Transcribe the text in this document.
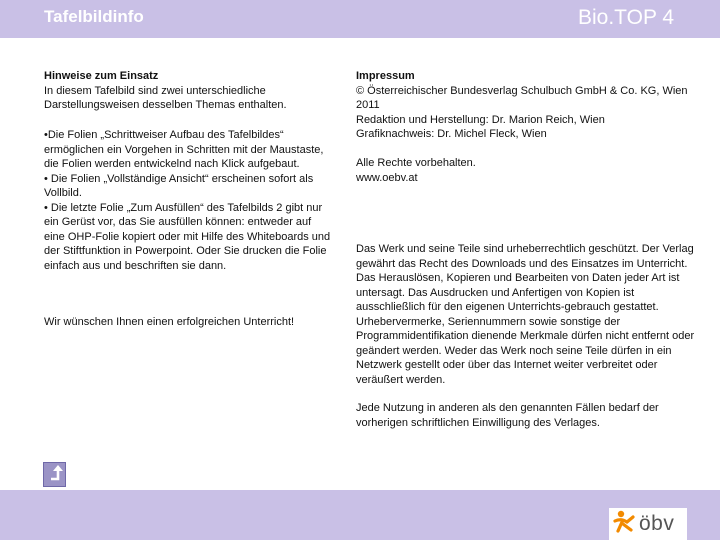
Tafelbildinfo	Bio.TOP 4

Hinweise zum Einsatz

In diesem Tafelbild sind zwei unterschiedliche Darstellungsweisen desselben Themas enthalten.

•Die Folien „Schrittweiser Aufbau des Tafelbildes“ ermöglichen ein Vorgehen in Schritten mit der Maustaste, die Folien werden entwickelnd nach Klick aufgebaut.

• Die Folien „Vollständige Ansicht“ erscheinen sofort als Vollbild.

• Die letzte Folie „Zum Ausfüllen“ des Tafelbilds 2 gibt nur ein Gerüst vor, das Sie ausfüllen können: entweder auf eine OHP-Folie kopiert oder mit Hilfe des Whiteboards und der Stiftfunktion in Powerpoint. Oder Sie drucken die Folie einfach aus und beschriften sie dann.

Wir wünschen Ihnen einen erfolgreichen Unterricht!

Impressum

© Österreichischer Bundesverlag Schulbuch GmbH & Co. KG, Wien 2011

Redaktion und Herstellung: Dr. Marion Reich, Wien

Grafiknachweis: Dr. Michel Fleck, Wien

Alle Rechte vorbehalten.

www.oebv.at

Das Werk und seine Teile sind urheberrechtlich geschützt. Der Verlag gewährt das Recht des Downloads und des Einsatzes im Unterricht. Das Herauslösen, Kopieren und Bearbeiten von Daten jeder Art ist untersagt. Das Ausdrucken und Anfertigen von Kopien ist ausschließlich für den eigenen Unterrichts-gebrauch gestattet. Urhebervermerke, Seriennummern sowie sonstige der Programmidentifikation dienende Merkmale dürfen nicht entfernt oder geändert werden. Weder das Werk noch seine Teile dürfen in ein Netzwerk gestellt oder über das Internet weiter verbreitet oder veräußert werden.

Jede Nutzung in anderen als den genannten Fällen bedarf der vorherigen schriftlichen Einwilligung des Verlages.

öbv
